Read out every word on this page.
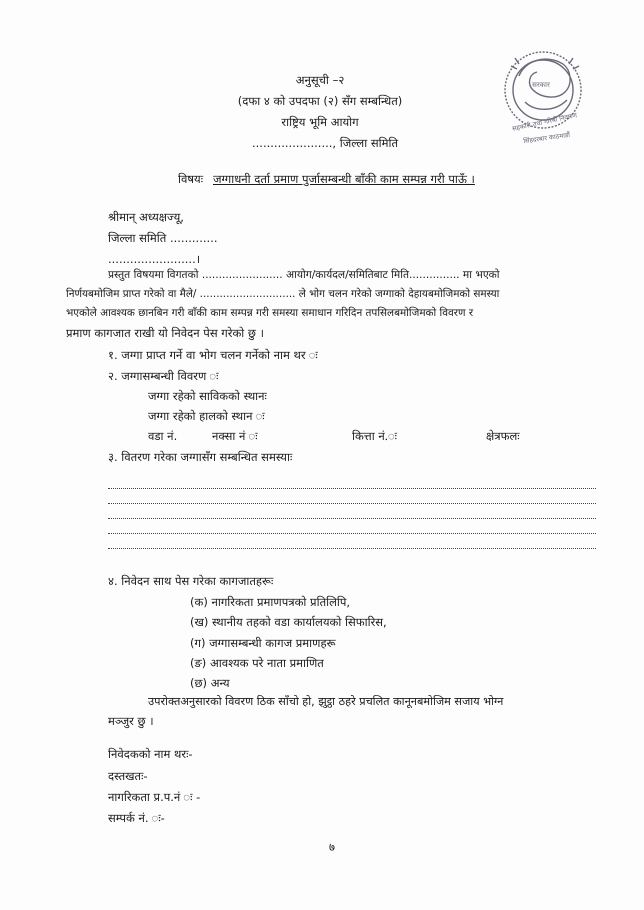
सरकार
सहकारी तथा गरिबी निवारण
सिंहदरबार काठमाडौं
अनुसूची –२
(दफा ४ को उपदफा (२) सँग सम्बन्धित)
राष्ट्रिय भूमि आयोग
......................, जिल्ला समिति
विषयः जग्गाधनी दर्ता प्रमाण पुर्जासम्बन्धी बाँकी काम सम्पन्न गरी पाऊँ ।
श्रीमान् अध्यक्षज्यू,
जिल्ला समिति .............
........................।
प्रस्तुत विषयमा विगतको ........................ आयोग/कार्यदल/समितिबाट मिति............... मा भएको
निर्णयबमोजिम प्राप्त गरेको वा मैले/ ............................. ले भोग चलन गरेको जग्गाको देहायबमोजिमको समस्या
भएकोले आवश्यक छानबिन गरी बाँकी काम सम्पन्न गरी समस्या समाधान गरिदिन तपसिलबमोजिमको विवरण र
प्रमाण कागजात राखी यो निवेदन पेस गरेको छु ।
१. जग्गा प्राप्त गर्ने वा भोग चलन गर्नेको नाम थर ः
२. जग्गासम्बन्धी विवरण ः
जग्गा रहेको साविकको स्थानः
जग्गा रहेको हालको स्थान ः
वडा नं.	नक्सा नं ः	कित्ता नं.ः	क्षेत्रफलः
३. वितरण गरेका जग्गासँग सम्बन्धित समस्याः
४. निवेदन साथ पेस गरेका कागजातहरूः
(क) नागरिकता प्रमाणपत्रको प्रतिलिपि,
(ख) स्थानीय तहको वडा कार्यालयको सिफारिस,
(ग) जग्गासम्बन्धी कागज प्रमाणहरू
(ङ) आवश्यक परे नाता प्रमाणित
(छ) अन्य
उपरोक्तअनुसारको विवरण ठिक साँचो हो, झुट्ठा ठहरे प्रचलित कानूनबमोजिम सजाय भोग्न
मञ्जुर छु ।
निवेदकको नाम थरः-
दस्तखतः-
नागरिकता प्र.प.नं ः -
सम्पर्क नं. ः-
७
